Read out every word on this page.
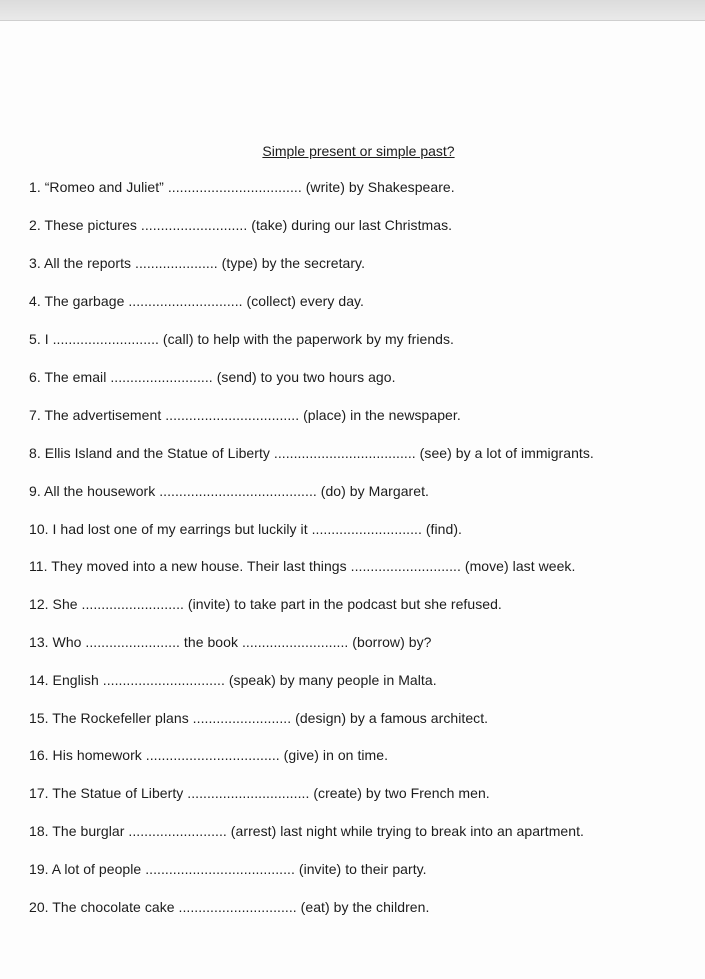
Simple present or simple past?
1. “Romeo and Juliet” .................................. (write) by Shakespeare.
2. These pictures ........................... (take) during our last Christmas.
3. All the reports ..................... (type) by the secretary.
4. The garbage ............................. (collect) every day.
5. I ........................... (call) to help with the paperwork by my friends.
6. The email .......................... (send) to you two hours ago.
7. The advertisement .................................. (place) in the newspaper.
8. Ellis Island and the Statue of Liberty .................................... (see) by a lot of immigrants.
9. All the housework ........................................ (do) by Margaret.
10. I had lost one of my earrings but luckily it ............................ (find).
11. They moved into a new house. Their last things ............................ (move) last week.
12. She .......................... (invite) to take part in the podcast but she refused.
13. Who ........................ the book ........................... (borrow) by?
14. English ............................... (speak) by many people in Malta.
15. The Rockefeller plans ......................... (design) by a famous architect.
16. His homework .................................. (give) in on time.
17. The Statue of Liberty ............................... (create) by two French men.
18. The burglar ......................... (arrest) last night while trying to break into an apartment.
19. A lot of people ...................................... (invite) to their party.
20. The chocolate cake .............................. (eat) by the children.
